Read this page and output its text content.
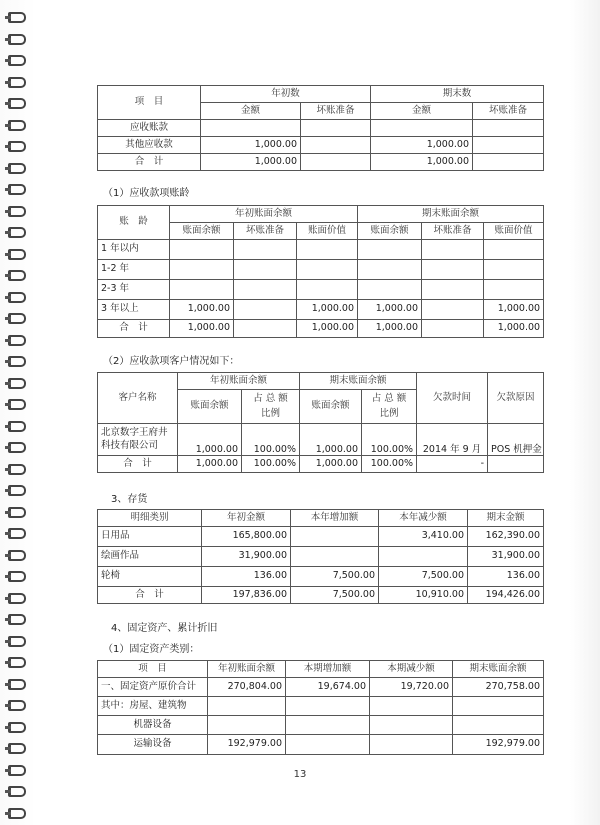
项　目	年初数		期末数	
	金额	坏账准备	金额	坏账准备
应收账款				
其他应收款	1,000.00		1,000.00	
合　计	1,000.00		1,000.00	
（1）应收款项账龄
账　龄	年初账面余额			期末账面余额		
	账面余额	坏账准备	账面价值	账面余额	坏账准备	账面价值
1 年以内						
1-2 年						
2-3 年						
3 年以上	1,000.00		1,000.00	1,000.00		1,000.00
合　计	1,000.00		1,000.00	1,000.00		1,000.00
（2）应收款项客户情况如下：
客户名称	年初账面余额		期末账面余额		欠款时间	欠款原因
	账面余额	占 总 额
比例	账面余额	占 总 额
比例		
北京数字王府井
科技有限公司	1,000.00	100.00%	1,000.00	100.00%	2014 年 9 月	POS 机押金
合　计	1,000.00	100.00%	1,000.00	100.00%	-	
3、存货
明细类别	年初金额	本年增加额	本年减少额	期末金额
日用品	165,800.00		3,410.00	162,390.00
绘画作品	31,900.00			31,900.00
轮椅	136.00	7,500.00	7,500.00	136.00
合　计	197,836.00	7,500.00	10,910.00	194,426.00
4、固定资产、累计折旧
（1）固定资产类别：
项　目	年初账面余额	本期增加额	本期减少额	期末账面余额
一、固定资产原价合计	270,804.00	19,674.00	19,720.00	270,758.00
其中：房屋、建筑物				
机器设备				
运输设备	192,979.00			192,979.00
13
